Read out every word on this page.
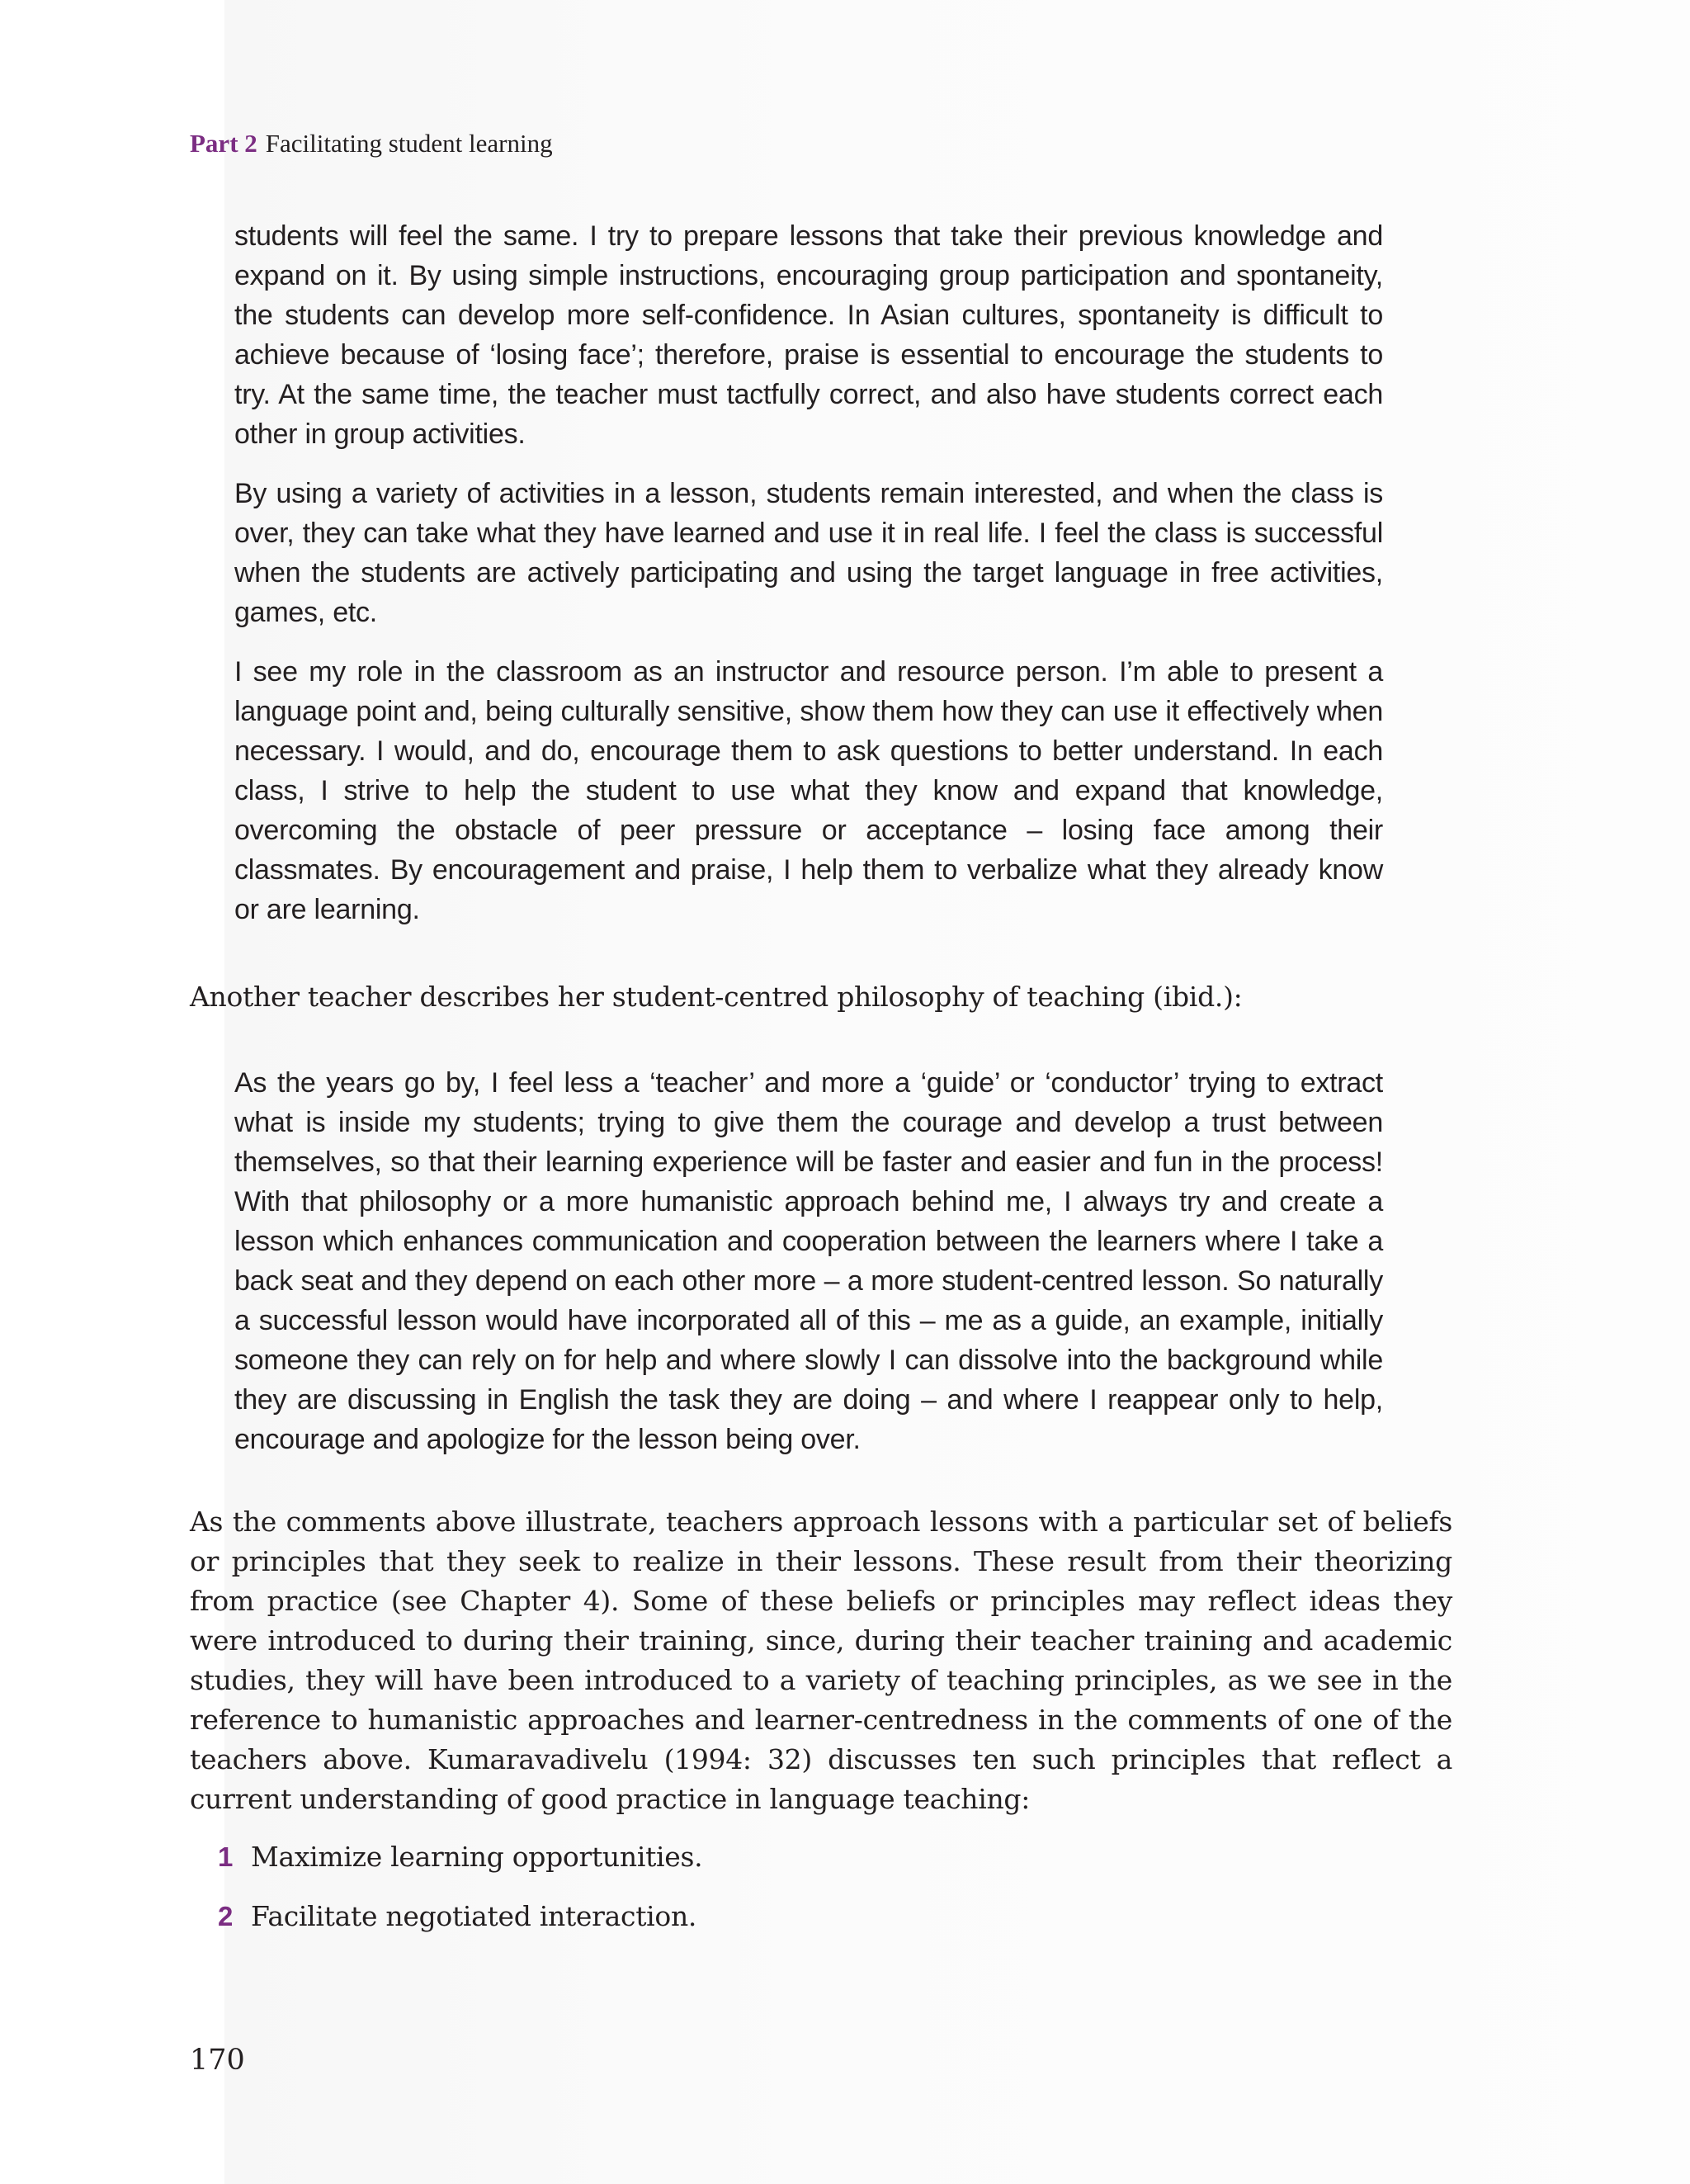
Part 2 Facilitating student learning

students will feel the same. I try to prepare lessons that take their previous knowledge and expand on it. By using simple instructions, encouraging group participation and spontaneity, the students can develop more self-confidence. In Asian cultures, spontaneity is difficult to achieve because of ‘losing face’; therefore, praise is essential to encourage the students to try. At the same time, the teacher must tactfully correct, and also have students correct each other in group activities.

By using a variety of activities in a lesson, students remain interested, and when the class is over, they can take what they have learned and use it in real life. I feel the class is successful when the students are actively participating and using the target language in free activities, games, etc.

I see my role in the classroom as an instructor and resource person. I’m able to present a language point and, being culturally sensitive, show them how they can use it effectively when necessary. I would, and do, encourage them to ask questions to better understand. In each class, I strive to help the student to use what they know and expand that knowledge, overcoming the obstacle of peer pressure or acceptance – losing face among their classmates. By encouragement and praise, I help them to verbalize what they already know or are learning.

Another teacher describes her student-centred philosophy of teaching (ibid.):

As the years go by, I feel less a ‘teacher’ and more a ‘guide’ or ‘conductor’ trying to extract what is inside my students; trying to give them the courage and develop a trust between themselves, so that their learning experience will be faster and easier and fun in the process! With that philosophy or a more humanistic approach behind me, I always try and create a lesson which enhances communication and cooperation between the learners where I take a back seat and they depend on each other more – a more student-centred lesson. So naturally a successful lesson would have incorporated all of this – me as a guide, an example, initially someone they can rely on for help and where slowly I can dissolve into the background while they are discussing in English the task they are doing – and where I reappear only to help, encourage and apologize for the lesson being over.

As the comments above illustrate, teachers approach lessons with a particular set of beliefs or principles that they seek to realize in their lessons. These result from their theorizing from practice (see Chapter 4). Some of these beliefs or principles may reflect ideas they were introduced to during their training, since, during their teacher training and academic studies, they will have been introduced to a variety of teaching principles, as we see in the reference to humanistic approaches and learner-centredness in the comments of one of the teachers above. Kumaravadivelu (1994: 32) discusses ten such principles that reflect a current understanding of good practice in language teaching:

1 Maximize learning opportunities.
2 Facilitate negotiated interaction.
170
